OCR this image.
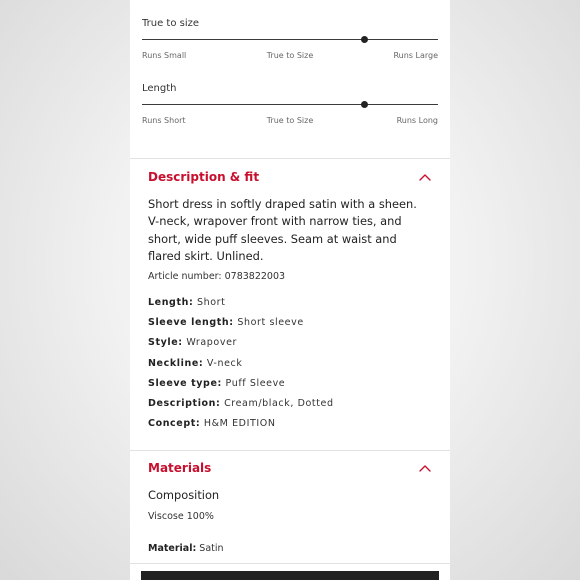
True to size
Runs Small	True to Size	Runs Large
Length
Runs Short	True to Size	Runs Long
Description & fit
Short dress in softly draped satin with a sheen. V-neck, wrapover front with narrow ties, and short, wide puff sleeves. Seam at waist and flared skirt. Unlined.
Article number: 0783822003
Length: Short
Sleeve length: Short sleeve
Style: Wrapover
Neckline: V-neck
Sleeve type: Puff Sleeve
Description: Cream/black, Dotted
Concept: H&M EDITION
Materials
Composition
Viscose 100%
Material: Satin
